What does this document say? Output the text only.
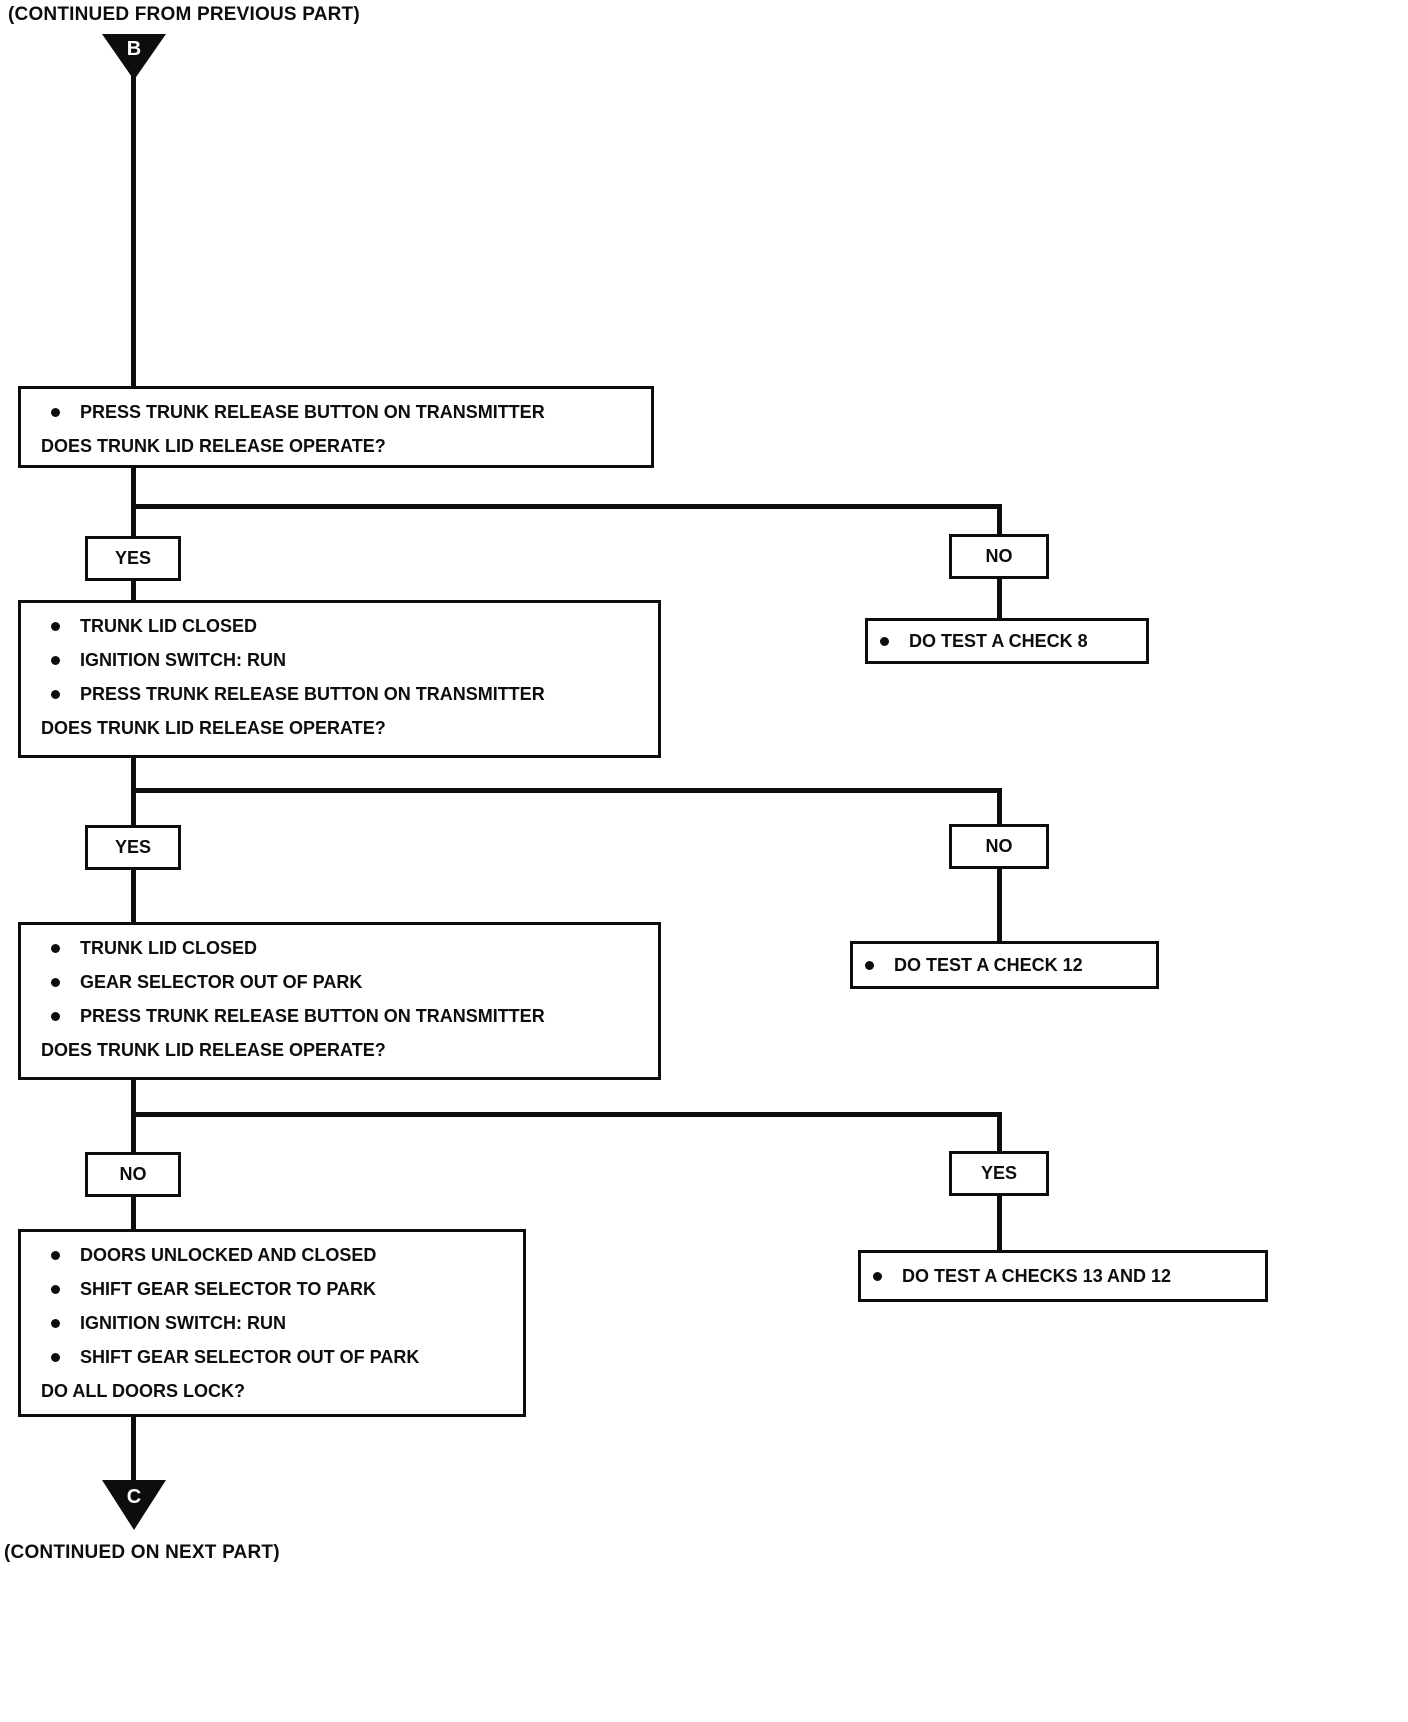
(CONTINUED FROM PREVIOUS PART)
(CONTINUED ON NEXT PART)
B
PRESS TRUNK RELEASE BUTTON ON TRANSMITTER
DOES TRUNK LID RELEASE OPERATE?
YES	NO
DO TEST A CHECK 8
TRUNK LID CLOSED
IGNITION SWITCH: RUN
PRESS TRUNK RELEASE BUTTON ON TRANSMITTER
DOES TRUNK LID RELEASE OPERATE?
YES	NO
DO TEST A CHECK 12
TRUNK LID CLOSED
GEAR SELECTOR OUT OF PARK
PRESS TRUNK RELEASE BUTTON ON TRANSMITTER
DOES TRUNK LID RELEASE OPERATE?
NO	YES
DO TEST A CHECKS 13 AND 12
DOORS UNLOCKED AND CLOSED
SHIFT GEAR SELECTOR TO PARK
IGNITION SWITCH: RUN
SHIFT GEAR SELECTOR OUT OF PARK
DO ALL DOORS LOCK?
C
